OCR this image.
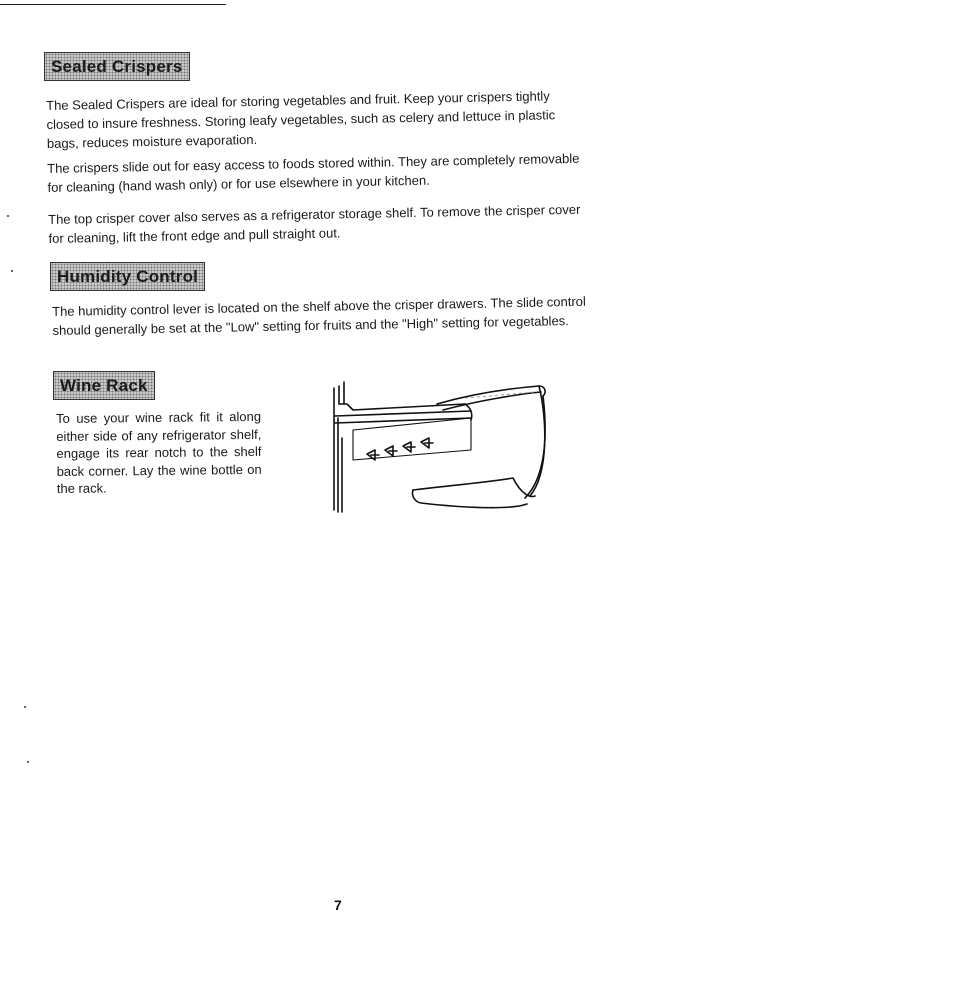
Sealed Crispers

The Sealed Crispers are ideal for storing vegetables and fruit. Keep your crispers tightly closed to insure freshness. Storing leafy vegetables, such as celery and lettuce in plastic bags, reduces moisture evaporation.

The crispers slide out for easy access to foods stored within. They are completely removable for cleaning (hand wash only) or for use elsewhere in your kitchen.

The top crisper cover also serves as a refrigerator storage shelf. To remove the crisper cover for cleaning, lift the front edge and pull straight out.

Humidity Control

The humidity control lever is located on the shelf above the crisper drawers. The slide control should generally be set at the "Low" setting for fruits and the "High" setting for vegetables.

Wine Rack

To use your wine rack fit it along either side of any refrigerator shelf, engage its rear notch to the shelf back corner. Lay the wine bottle on the rack.

7
